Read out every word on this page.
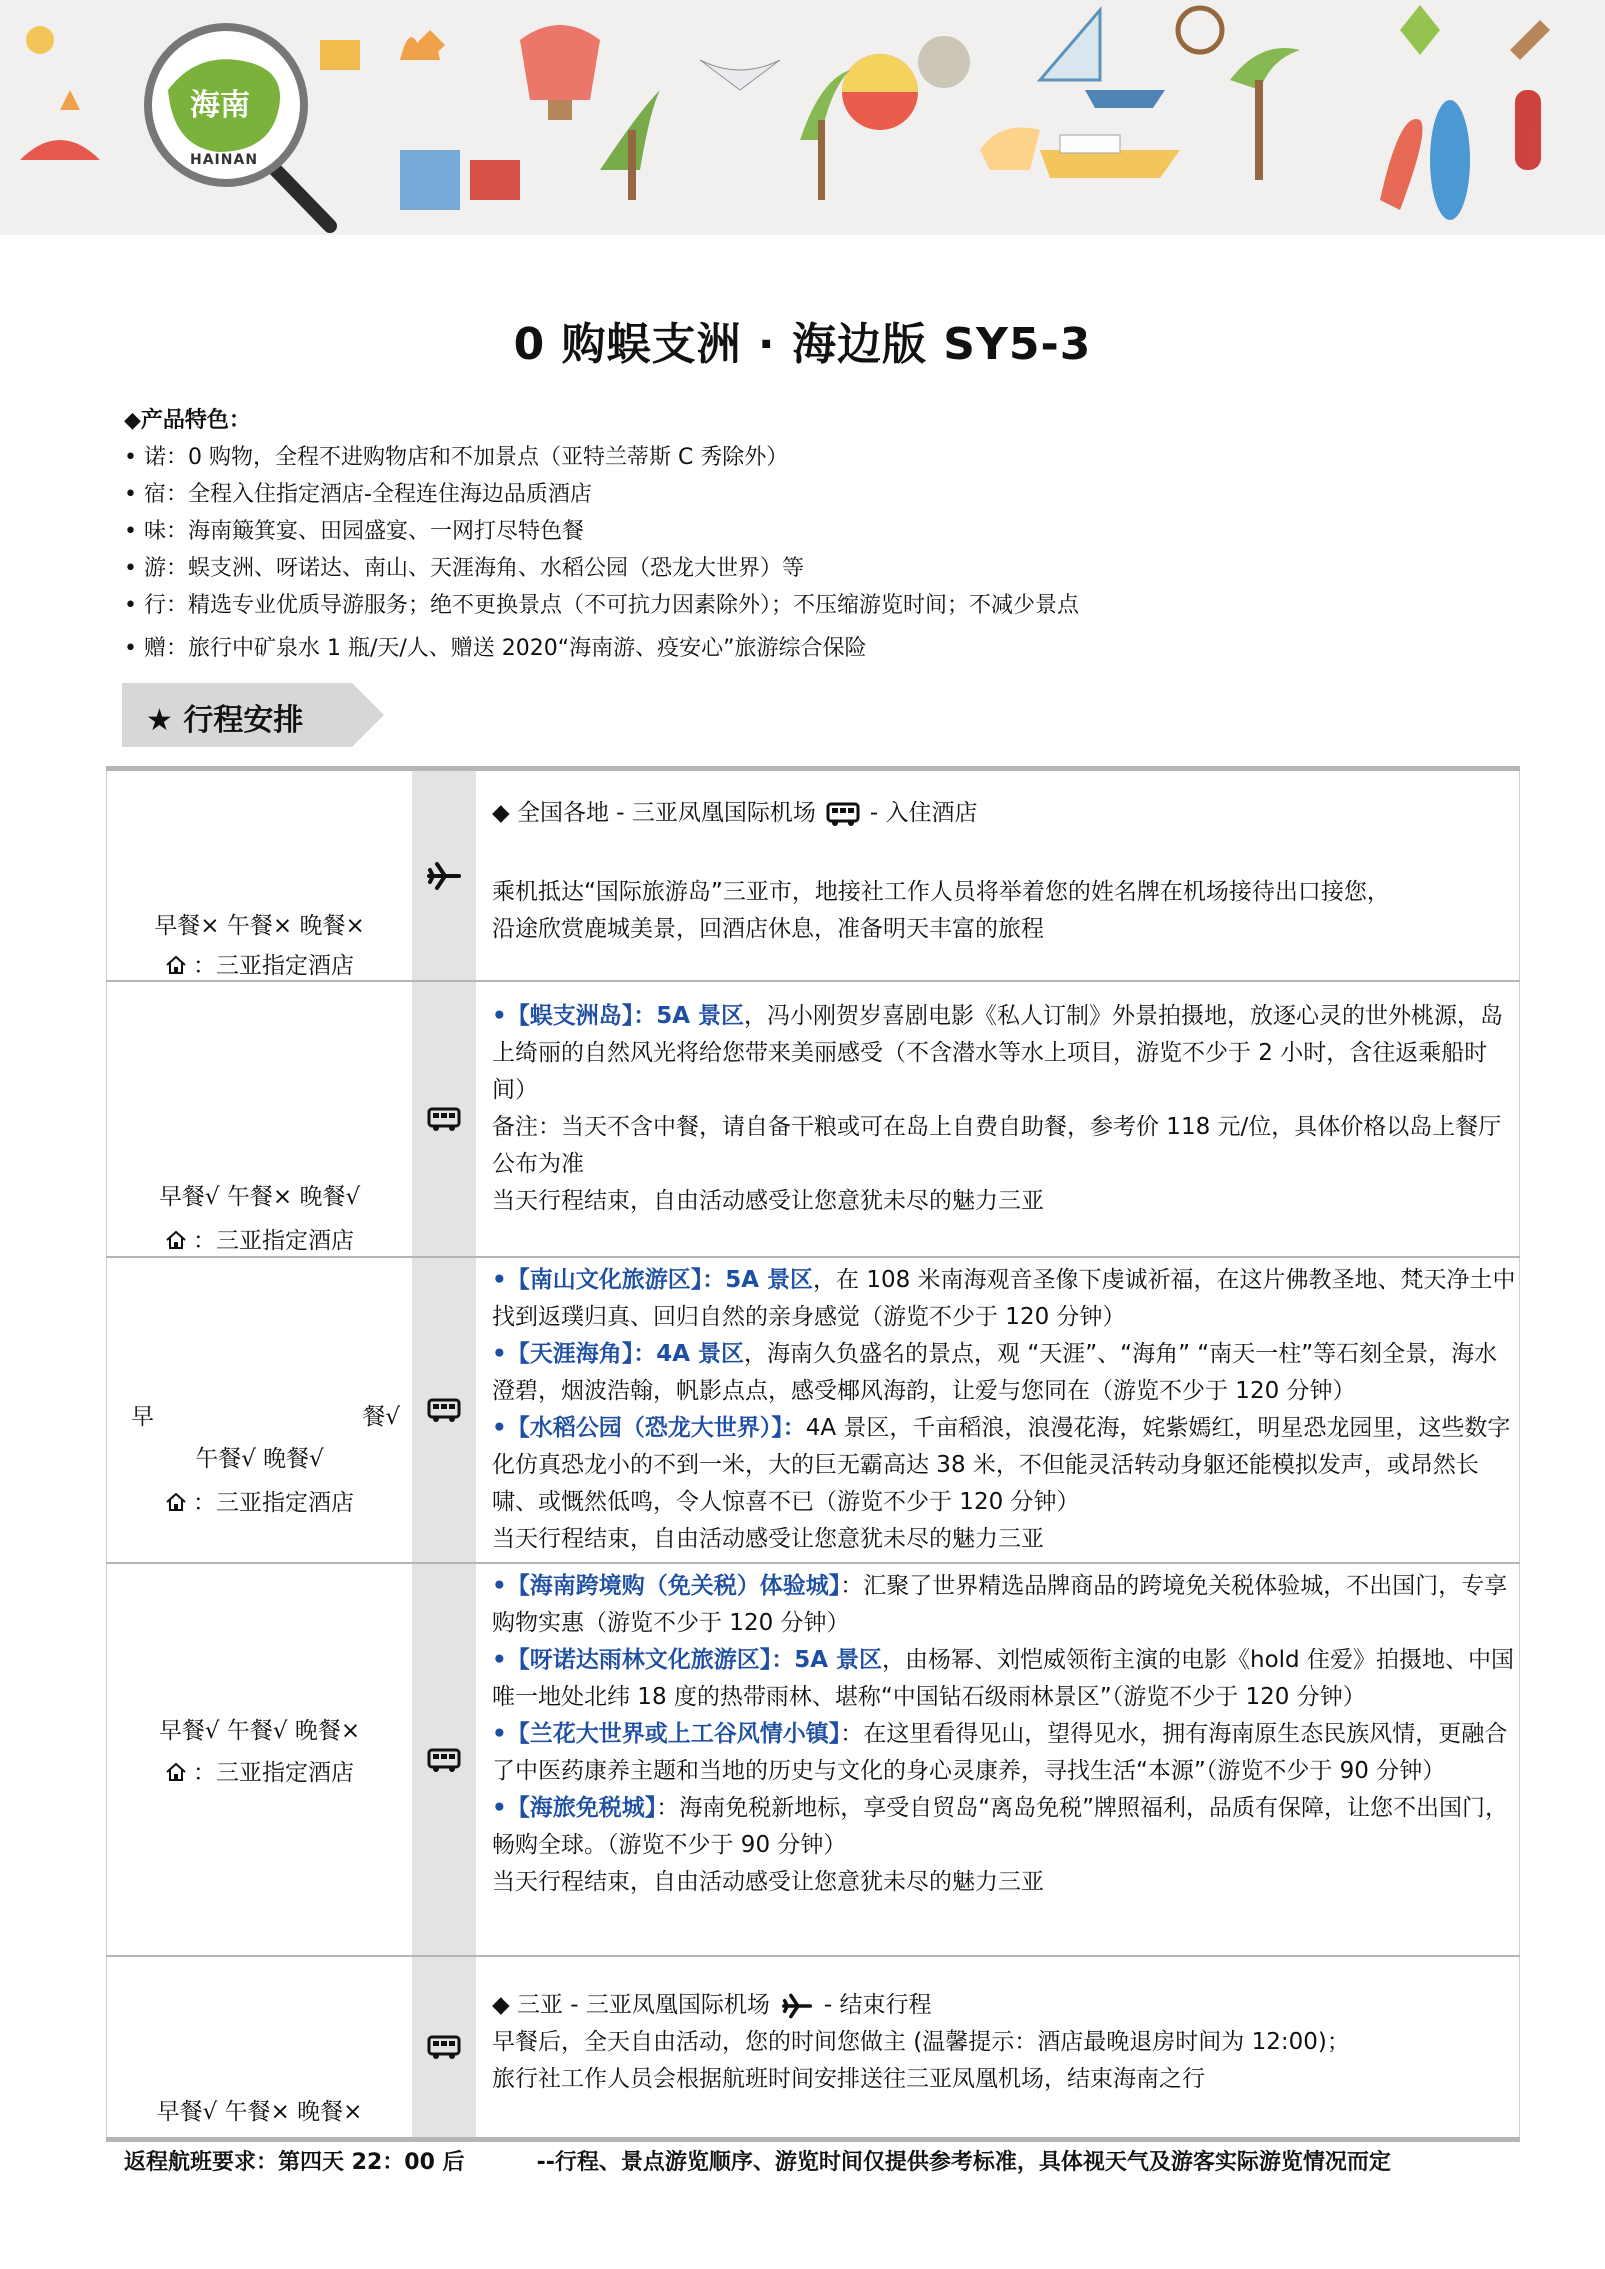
海南
HAINAN
0 购蜈支洲 · 海边版 SY5-3
◆产品特色：
• 诺：0 购物，全程不进购物店和不加景点（亚特兰蒂斯 C 秀除外）
• 宿：全程入住指定酒店-全程连住海边品质酒店
• 味：海南簸箕宴、田园盛宴、一网打尽特色餐
• 游：蜈支洲、呀诺达、南山、天涯海角、水稻公园（恐龙大世界）等
• 行：精选专业优质导游服务；绝不更换景点（不可抗力因素除外）；不压缩游览时间；不减少景点
• 赠：旅行中矿泉水 1 瓶/天/人、赠送 2020“海南游、疫安心”旅游综合保险
★ 行程安排
早餐× 午餐× 晚餐×
：三亚指定酒店
◆ 全国各地 - 三亚凤凰国际机场 - 入住酒店

乘机抵达“国际旅游岛”三亚市，地接社工作人员将举着您的姓名牌在机场接待出口接您，

沿途欣赏鹿城美景，回酒店休息，准备明天丰富的旅程

早餐√ 午餐× 晚餐√
：三亚指定酒店

•【蜈支洲岛】：5A 景区，冯小刚贺岁喜剧电影《私人订制》外景拍摄地，放逐心灵的世外桃源，岛上绮丽的自然风光将给您带来美丽感受（不含潜水等水上项目，游览不少于 2 小时，含往返乘船时间）

备注：当天不含中餐，请自备干粮或可在岛上自费自助餐，参考价 118 元/位，具体价格以岛上餐厅公布为准

当天行程结束，自由活动感受让您意犹未尽的魅力三亚

早	餐√
午餐√ 晚餐√
：三亚指定酒店

•【南山文化旅游区】：5A 景区，在 108 米南海观音圣像下虔诚祈福，在这片佛教圣地、梵天净土中找到返璞归真、回归自然的亲身感觉（游览不少于 120 分钟）

•【天涯海角】：4A 景区，海南久负盛名的景点，观 “天涯”、“海角” “南天一柱”等石刻全景，海水澄碧，烟波浩翰，帆影点点，感受椰风海韵，让爱与您同在（游览不少于 120 分钟）

•【水稻公园（恐龙大世界）】：4A 景区，千亩稻浪，浪漫花海，姹紫嫣红，明星恐龙园里，这些数字化仿真恐龙小的不到一米，大的巨无霸高达 38 米，不但能灵活转动身躯还能模拟发声，或昂然长啸、或慨然低鸣，令人惊喜不已（游览不少于 120 分钟）

当天行程结束，自由活动感受让您意犹未尽的魅力三亚

早餐√ 午餐√ 晚餐×
：三亚指定酒店

•【海南跨境购（免关税）体验城】：汇聚了世界精选品牌商品的跨境免关税体验城，不出国门，专享购物实惠（游览不少于 120 分钟）

•【呀诺达雨林文化旅游区】：5A 景区，由杨幂、刘恺威领衔主演的电影《hold 住爱》拍摄地、中国唯一地处北纬 18 度的热带雨林、堪称“中国钻石级雨林景区”（游览不少于 120 分钟）

•【兰花大世界或上工谷风情小镇】：在这里看得见山，望得见水，拥有海南原生态民族风情，更融合了中医药康养主题和当地的历史与文化的身心灵康养，寻找生活“本源”（游览不少于 90 分钟）

•【海旅免税城】：海南免税新地标，享受自贸岛“离岛免税”牌照福利，品质有保障，让您不出国门，畅购全球。（游览不少于 90 分钟）

当天行程结束，自由活动感受让您意犹未尽的魅力三亚

早餐√ 午餐× 晚餐×
◆ 三亚 - 三亚凤凰国际机场 - 结束行程

早餐后，全天自由活动，您的时间您做主 (温馨提示：酒店最晚退房时间为 12:00)；

旅行社工作人员会根据航班时间安排送往三亚凤凰机场，结束海南之行

返程航班要求：第四天 22：00 后	--行程、景点游览顺序、游览时间仅提供参考标准，具体视天气及游客实际游览情况而定
